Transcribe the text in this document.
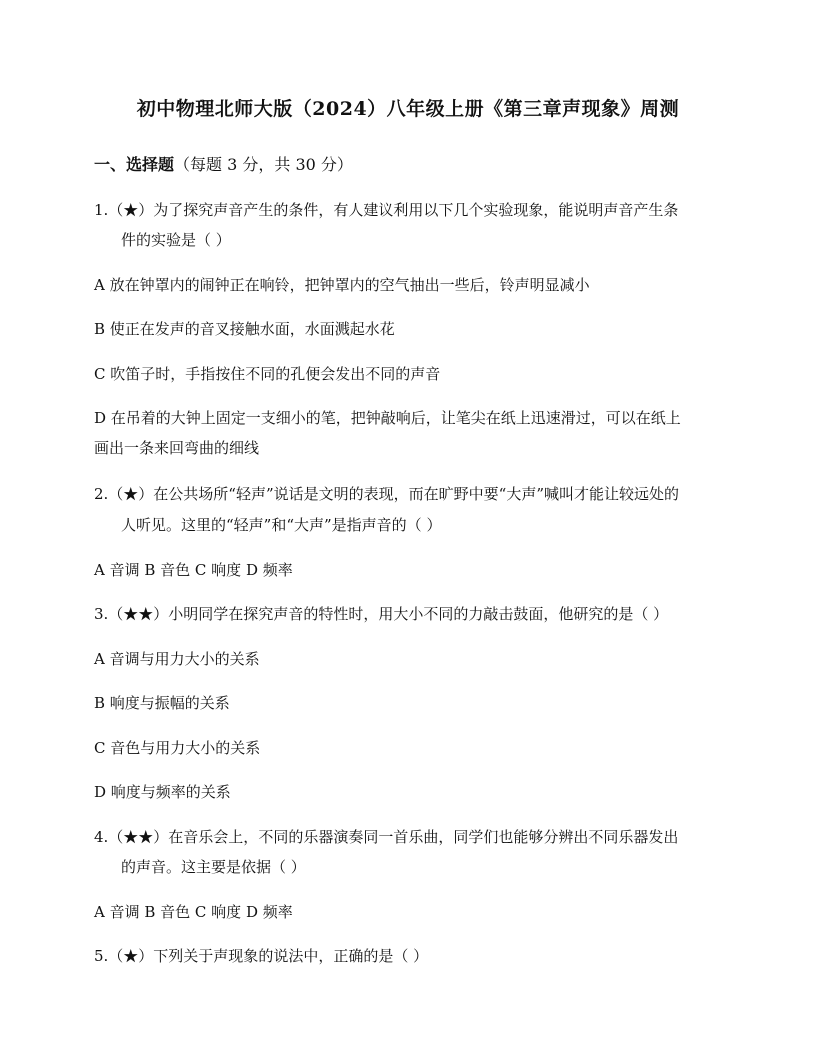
初中物理北师大版（2024）八年级上册《第三章声现象》周测
一、选择题（每题 3 分，共 30 分）
1.（★）为了探究声音产生的条件，有人建议利用以下几个实验现象，能说明声音产生条
件的实验是（ ）
A 放在钟罩内的闹钟正在响铃，把钟罩内的空气抽出一些后，铃声明显减小
B 使正在发声的音叉接触水面，水面溅起水花
C 吹笛子时，手指按住不同的孔便会发出不同的声音
D 在吊着的大钟上固定一支细小的笔，把钟敲响后，让笔尖在纸上迅速滑过，可以在纸上
画出一条来回弯曲的细线
2.（★）在公共场所“轻声”说话是文明的表现，而在旷野中要“大声”喊叫才能让较远处的
人听见。这里的“轻声”和“大声”是指声音的（ ）
A 音调 B 音色 C 响度 D 频率
3.（★★）小明同学在探究声音的特性时，用大小不同的力敲击鼓面，他研究的是（ ）
A 音调与用力大小的关系
B 响度与振幅的关系
C 音色与用力大小的关系
D 响度与频率的关系
4.（★★）在音乐会上，不同的乐器演奏同一首乐曲，同学们也能够分辨出不同乐器发出
的声音。这主要是依据（ ）
A 音调 B 音色 C 响度 D 频率
5.（★）下列关于声现象的说法中，正确的是（ ）
